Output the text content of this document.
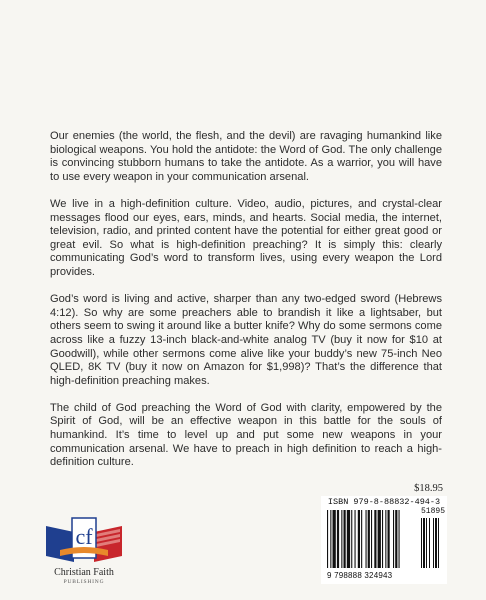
Our enemies (the world, the flesh, and the devil) are ravaging humankind like biological weapons. You hold the antidote: the Word of God. The only challenge is convincing stubborn humans to take the antidote. As a warrior, you will have to use every weapon in your communication arsenal.

We live in a high-definition culture. Video, audio, pictures, and crystal-clear messages flood our eyes, ears, minds, and hearts. Social media, the internet, television, radio, and printed content have the potential for either great good or great evil. So what is high-definition preaching? It is simply this: clearly communicating God’s word to transform lives, using every weapon the Lord provides.

God’s word is living and active, sharper than any two-edged sword (Hebrews 4:12). So why are some preachers able to brandish it like a lightsaber, but others seem to swing it around like a butter knife? Why do some sermons come across like a fuzzy 13-inch black-and-white analog TV (buy it now for $10 at Goodwill), while other sermons come alive like your buddy’s new 75-inch Neo QLED, 8K TV (buy it now on Amazon for $1,998)? That’s the difference that high-definition preaching makes.

The child of God preaching the Word of God with clarity, empowered by the Spirit of God, will be an effective weapon in this battle for the souls of humankind. It’s time to level up and put some new weapons in your communication arsenal. We have to preach in high definition to reach a high-definition culture.

cf
Christian Faith
PUBLISHING
$18.95
ISBN 979-8-88832-494-3
51895
9 798888 324943
